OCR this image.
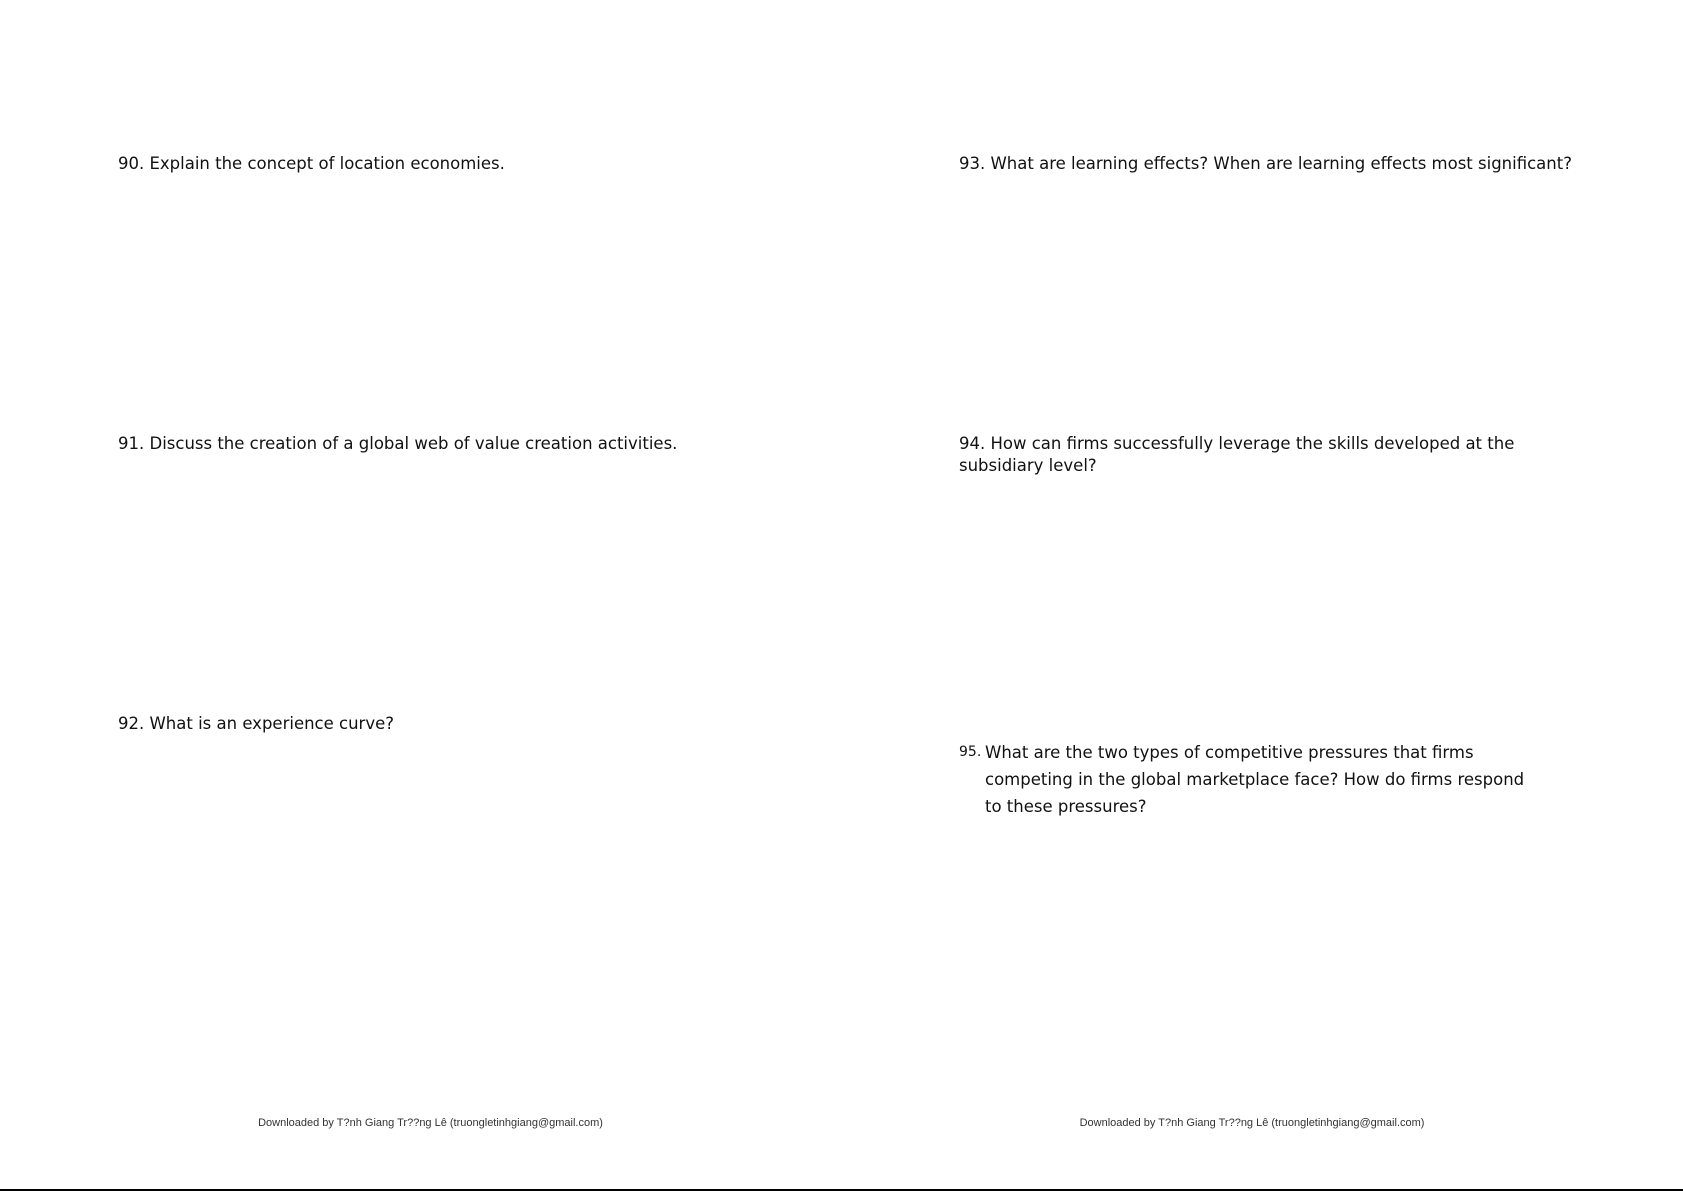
90. Explain the concept of location economies.

91. Discuss the creation of a global web of value creation activities.

92. What is an experience curve?

Downloaded by T?nh Giang Tr??ng Lê (truongletinhgiang@gmail.com)

93. What are learning effects? When are learning effects most significant?

94. How can firms successfully leverage the skills developed at the subsidiary level?

95. What are the two types of competitive pressures that firms competing in the global marketplace face? How do firms respond to these pressures?
Downloaded by T?nh Giang Tr??ng Lê (truongletinhgiang@gmail.com)
